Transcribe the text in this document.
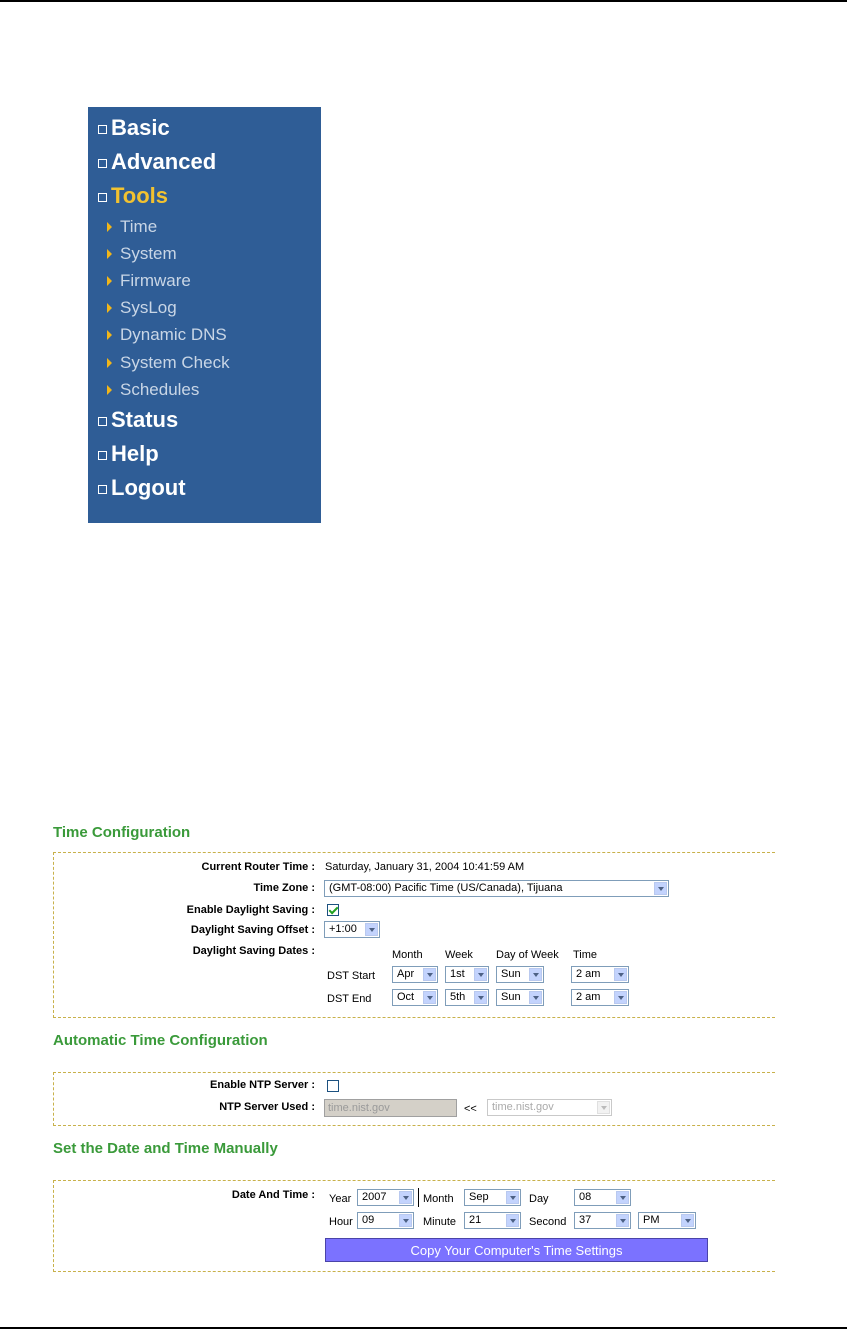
Basic
Advanced
Tools
Time
System
Firmware
SysLog
Dynamic DNS
System Check
Schedules
Status
Help
Logout
Time Configuration
Current Router Time : Saturday, January 31, 2004 10:41:59 AM
Time Zone :	(GMT-08:00) Pacific Time (US/Canada), Tijuana
Enable Daylight Saving :
Daylight Saving Offset :	+1:00
Daylight Saving Dates :	Month Week Day of Week Time
DST Start	Apr	1st	Sun	2 am
DST End	Oct	5th	Sun	2 am
Automatic Time Configuration
Enable NTP Server :
NTP Server Used :	time.nist.gov	<<	time.nist.gov
Set the Date and Time Manually
Date And Time : Year 2007	Month	Sep	Day	08
Hour 09	Minute	21	Second	37	PM
Copy Your Computer's Time Settings
